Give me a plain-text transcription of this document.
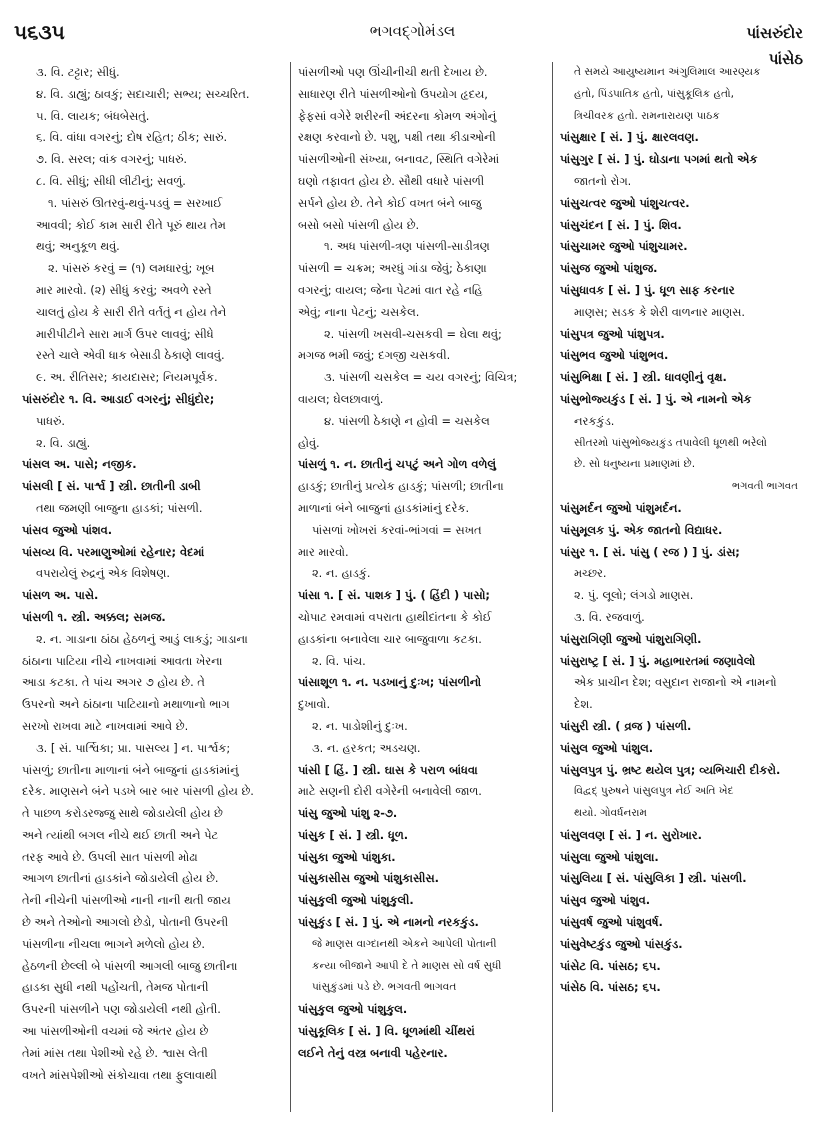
૫૬૩૫	ભગવદ્ગોમંડલ	પાંસરુંદોર
પાંસેઠ
૩. વિ. ટટ્ટાર; સીધું.
૪. વિ. ડાહ્યું; ઠાવકું; સદાચારી; સભ્ય; સચ્ચરિત.
૫. વિ. લાયક; બંધબેસતું.
૬. વિ. વાંધા વગરનું; દોષ રહિત; ઠીક; સારું.
૭. વિ. સરલ; વાંક વગરનું; પાધરું.
૮. વિ. સીધું; સીધી લીટીનું; સવળું.
૧. પાંસરું ઊતરવું-થવું-પડવું = સરખાઈ
આવવી; કોઈ કામ સારી રીતે પૂરું થાય તેમ
થવું; અનુકૂળ થવું.
૨. પાંસરું કરવું = (૧) લમધારવું; ખૂબ
માર મારવો. (૨) સીધું કરવું; અવળે રસ્તે
ચાલતું હોય કે સારી રીતે વર્તતું ન હોય તેને
મારીપીટીને સારા માર્ગ ઉપર લાવવું; સીધે
રસ્તે ચાલે એવી ધાક બેસાડી ઠેકાણે લાવવું.
૯. અ. રીતિસર; કાયદાસર; નિયમપૂર્વક.
પાંસરુંદોર ૧. વિ. આડાઈ વગરનું; સીધુંદોર;
પાધરું.
૨. વિ. ડાહ્યું.
પાંસલ અ. પાસે; નજીક.
પાંસલી [ સં. પાર્શ્વ ] સ્ત્રી. છાતીની ડાબી
તથા જમણી બાજુના હાડકાં; પાંસળી.
પાંસવ જુઓ પાંશવ.
પાંસવ્ય વિ. પરમાણુઓમાં રહેનાર; વેદમાં
વપરાયેલું રુદ્રનું એક વિશેષણ.
પાંસળ અ. પાસે.
પાંસળી ૧. સ્ત્રી. અક્કલ; સમજ.
૨. ન. ગાડાના ઠાંઠા હેઠળનું આડું લાકડું; ગાડાના
ઠાંઠાના પાટિયા નીચે નાખવામાં આવતા ખેરના
આડા કટકા. તે પાંચ અગર ૭ હોય છે. તે
ઉપરનો અને ઠાંઠાના પાટિયાનો મથાળાનો ભાગ
સરખો રાખવા માટે નાખવામાં આવે છે.
૩. [ સં. પાર્શ્વિકા; પ્રા. પાસલ્ય ] ન. પાર્શ્વક;
પાંસળું; છાતીના માળાનાં બંને બાજુનાં હાડકાંમાંનું
દરેક. માણસને બંને પડખે બાર બાર પાંસળી હોય છે.
તે પાછળ કરોડરજ્જુ સાથે જોડાયેલી હોય છે
અને ત્યાંથી બગલ નીચે થઈ છાતી અને પેટ
તરફ આવે છે. ઉપલી સાત પાંસળી મોઢા
આગળ છાતીનાં હાડકાંને જોડાયેલી હોય છે.
તેની નીચેની પાંસળીઓ નાની નાની થતી જાય
છે અને તેઓનો આગલો છેડો, પોતાની ઉપરની
પાંસળીના નીચલા ભાગને મળેલો હોય છે.
હેઠળની છેલ્લી બે પાંસળી આગલી બાજુ છાતીના
હાડકા સુધી નથી પહોંચતી, તેમજ પોતાની
ઉપરની પાંસળીને પણ જોડાયેલી નથી હોતી.
આ પાંસળીઓની વચમાં જે અંતર હોય છે
તેમાં માંસ તથા પેશીઓ રહે છે. શ્વાસ લેતી
વખતે માંસપેશીઓ સંકોચાવા તથા ફુલાવાથી
પાંસળીઓ પણ ઊંચીનીચી થતી દેખાય છે.
સાધારણ રીતે પાંસળીઓનો ઉપયોગ હૃદય,
ફેફસાં વગેરે શરીરની અંદરના કોમળ અંગોનું
રક્ષણ કરવાનો છે. પશુ, પક્ષી તથા કીડાઓની
પાંસળીઓની સંખ્યા, બનાવટ, સ્થિતિ વગેરેમાં
ઘણો તફાવત હોય છે. સૌથી વધારે પાંસળી
સર્પને હોય છે. તેને કોઈ વખત બંને બાજુ
બસો બસો પાંસળી હોય છે.
૧. અધ પાંસળી-ત્રણ પાંસળી-સાડીત્રણ
પાંસળી = ચક્રમ; અરધું ગાંડા જેવું; ઠેકાણા
વગરનું; વાયલ; જેના પેટમાં વાત રહે નહિ
એવું; નાના પેટનું; ચસકેલ.
૨. પાંસળી ખસવી-ચસકવી = ઘેલા થવું;
મગજ ભમી જવું; દગજી ચસકવી.
૩. પાંસળી ચસકેલ = ચય વગરનું; વિચિત્ર;
વાયલ; ઘેલછાવાળું.
૪. પાંસળી ઠેકાણે ન હોવી = ચસકેલ
હોવું.
પાંસળું ૧. ન. છાતીનું ચપટું અને ગોળ વળેલું
હાડકું; છાતીનું પ્રત્યેક હાડકું; પાંસળી; છાતીના
માળાનાં બંને બાજુનાં હાડકાંમાંનું દરેક.
પાંસળાં ખોખરાં કરવાં-ભાંગવાં = સખત
માર મારવો.
૨. ન. હાડકું.
પાંસા ૧. [ સં. પાશક ] પું. ( હિંદી ) પાસો;
ચોપાટ રમવામાં વપરાતા હાથીદાંતના કે કોઈ
હાડકાંના બનાવેલા ચાર બાજુવાળા કટકા.
૨. વિ. પાંચ.
પાંસાશૂળ ૧. ન. પડખાનું દુઃખ; પાંસળીનો
દુખાવો.
૨. ન. પાડોશીનું દુઃખ.
૩. ન. હરકત; અડચણ.
પાંસી [ હિં. ] સ્ત્રી. ઘાસ કે પરાળ બાંધવા
માટે સણની દોરી વગેરેની બનાવેલી જાળ.
પાંસુ જુઓ પાંશુ ૨-૭.
પાંસુક [ સં. ] સ્ત્રી. ધૂળ.
પાંસુકા જુઓ પાંશુકા.
પાંસુકાસીસ જુઓ પાંશુકાસીસ.
પાંસુકુલી જુઓ પાંશુકુલી.
પાંસુકુંડ [ સં. ] પું. એ નામનો નરકકુંડ.
જે માણસ વાગ્દાનથી એકને આપેલી પોતાની
કન્યા બીજાને આપી દે તે માણસ સો વર્ષ સુધી
પાંસુકુંડમાં પડે છે. ભગવતી ભાગવત
પાંસુકુલ જુઓ પાંશુકુલ.
પાંસુકૂલિક [ સં. ] વિ. ધૂળમાંથી ચીંથરાં
લઈને તેનું વસ્ત્ર બનાવી પહેરનાર.
તે સમયે આયુષ્યમાન અંગુલિમાલ આરણ્યક
હતો, પિંડપાતિક હતો, પાંસુકૂલિક હતો,
ત્રિચીવરક હતો. રામનારાયણ પાઠક
પાંસુક્ષાર [ સં. ] પું. ક્ષારલવણ.
પાંસુગુર [ સં. ] પું. ઘોડાના પગમાં થતો એક
જાતનો રોગ.
પાંસુચત્વર જુઓ પાંશુચત્વર.
પાંસુચંદન [ સં. ] પું. શિવ.
પાંસુચામર જુઓ પાંશુચામર.
પાંસુજ જુઓ પાંશુજ.
પાંસુધાવક [ સં. ] પું. ધૂળ સાફ કરનાર
માણસ; સડક કે શેરી વાળનાર માણસ.
પાંસુપત્ર જુઓ પાંશુપત્ર.
પાંસુભવ જુઓ પાંશુભવ.
પાંસુભિક્ષા [ સં. ] સ્ત્રી. ધાવણીનું વૃક્ષ.
પાંસુભોજ્યકુંડ [ સં. ] પું. એ નામનો એક
નરકકુંડ.
સીતરમો પાંસુભોજ્યકુંડ તપાવેલી ધૂળથી ભરેલો
છે. સો ધનુષ્યના પ્રમાણમાં છે.
ભગવતી ભાગવત
પાંસુમર્દન જુઓ પાંશુમર્દન.
પાંસુમૂલક પું. એક જાતનો વિદ્યાધર.
પાંસુર ૧. [ સં. પાંસુ ( રજ ) ] પું. ડાંસ;
મચ્છર.
૨. પું. લૂલો; લંગડો માણસ.
૩. વિ. રજવાળું.
પાંસુરાગિણી જુઓ પાંશુરાગિણી.
પાંસુરાષ્ટ્ર [ સં. ] પું. મહાભારતમાં જણાવેલો
એક પ્રાચીન દેશ; વસુદાન રાજાનો એ નામનો
દેશ.
પાંસુરી સ્ત્રી. ( વ્રજ ) પાંસળી.
પાંસુલ જુઓ પાંશુલ.
પાંસુલપુત્ર પું. ભ્રષ્ટ થયેલ પુત્ર; વ્યભિચારી દીકરો.
વિદ્વદ્ પુરુષને પાંસુલપુત્ર નેઈ અતિ ખેદ
થયો. ગોવર્ધનરામ
પાંસુલવણ [ સં. ] ન. સુરોખાર.
પાંસુલા જુઓ પાંશુલા.
પાંસુલિયા [ સં. પાંસુલિકા ] સ્ત્રી. પાંસળી.
પાંસુવ જુઓ પાંશુવ.
પાંસુવર્ષ જુઓ પાંશુવર્ષ.
પાંસુવેષ્ટકુંડ જુઓ પાંસકુંડ.
પાંસેટ વિ. પાંસઠ; ૬૫.
પાંસેઠ વિ. પાંસઠ; ૬૫.
